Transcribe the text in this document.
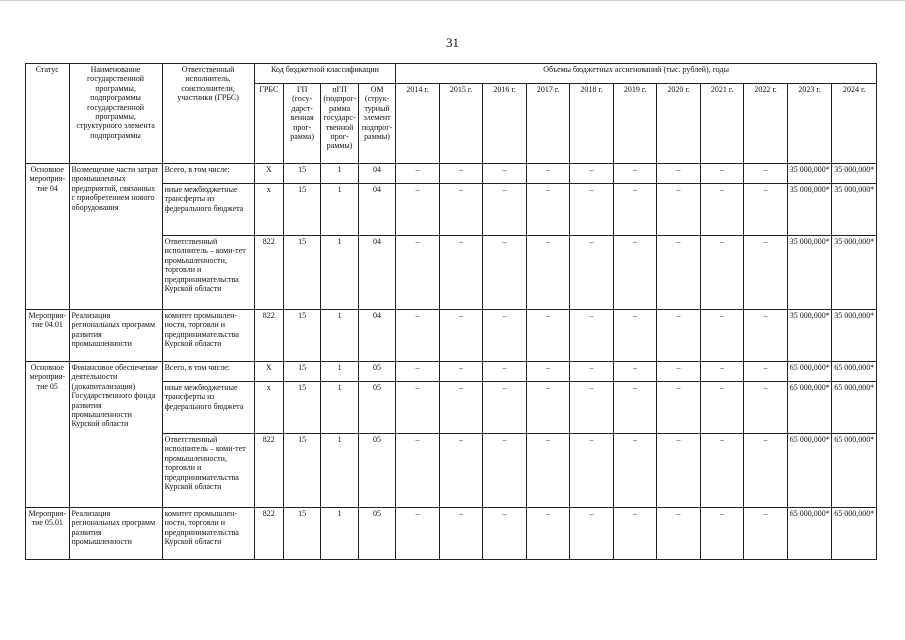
31
Статус	Наименование государственной программы, подпрограммы государственной программы, структурного элемента подпрограммы	Ответственный исполнитель, соисполнители, участники (ГРБС)	Код бюджетной классификации				Объемы бюджетных ассигнований (тыс. рублей), годы										
			ГРБС	ГП (госу-дарст-венная прог-рамма)	пГП (подпрог-рамма государс-твенной прог-раммы)	ОМ (струк-турный элемент подпрог-раммы)	2014 г.	2015 г.	2016 г.	2017 г.	2018 г.	2019 г.	2020 г.	2021 г.	2022 г.	2023 г.	2024 г.
Основное мероприя-тие 04	Возмещение части затрат промышленных предприятий, связанных с приобретением нового оборудования	Всего, в том числе:	Х	15	1	04	–	–	–	–	–	–	–	–	–	35 000,000*	35 000,000*
		иные межбюджетные трансферты из федерального бюджета	х	15	1	04	–	–	–	–	–	–	–	–	–	35 000,000*	35 000,000*
		Ответственный исполнитель – коми-тет промышленности, торговли и предпринимательства Курской области	822	15	1	04	–	–	–	–	–	–	–	–	–	35 000,000*	35 000,000*
Мероприя-тие 04.01	Реализация региональных программ развития промышленности	комитет промышлен-ности, торговли и предпринимательства Курской области	822	15	1	04	–	–	–	–	–	–	–	–	–	35 000,000*	35 000,000*
Основное мероприя-тие 05	Финансовое обеспечение деятельности (докапитализация) Государственного фонда развития промышленности Курской области	Всего, в том числе:	Х	15	1	05	–	–	–	–	–	–	–	–	–	65 000,000*	65 000,000*
		иные межбюджетные трансферты из федерального бюджета	х	15	1	05	–	–	–	–	–	–	–	–	–	65 000,000*	65 000,000*
		Ответственный исполнитель – коми-тет промышленности, торговли и предпринимательства Курской области	822	15	1	05	–	–	–	–	–	–	–	–	–	65 000,000*	65 000,000*
Мероприя-тие 05.01	Реализация региональных программ развития промышленности	комитет промышлен-ности, торговли и предпринимательства Курской области	822	15	1	05	–	–	–	–	–	–	–	–	–	65 000,000*	65 000,000*
